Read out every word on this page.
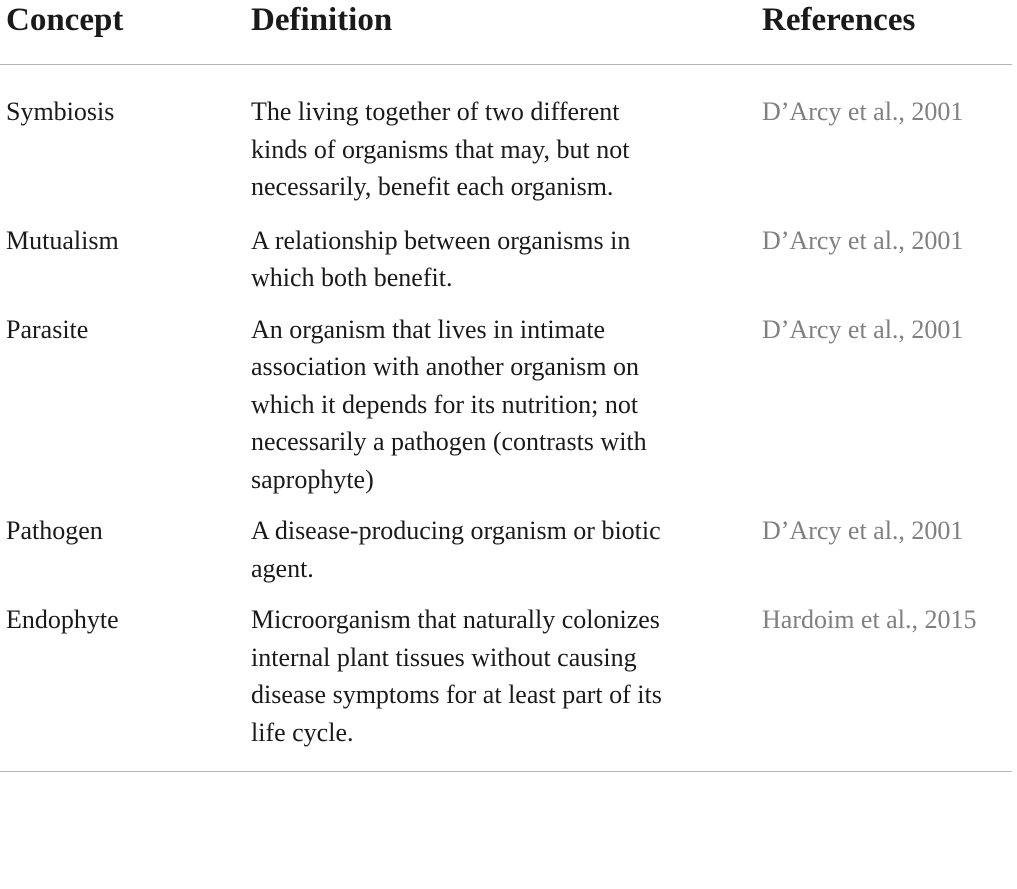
Concept	Definition	References
Symbiosis	The living together of two different kinds of organisms that may, but not necessarily, benefit each organism.	D’Arcy et al., 2001
Mutualism	A relationship between organisms in which both benefit.	D’Arcy et al., 2001
Parasite	An organism that lives in intimate association with another organism on which it depends for its nutrition; not necessarily a pathogen (contrasts with saprophyte)	D’Arcy et al., 2001
Pathogen	A disease-producing organism or biotic agent.	D’Arcy et al., 2001
Endophyte	Microorganism that naturally colonizes internal plant tissues without causing disease symptoms for at least part of its life cycle.	Hardoim et al., 2015
